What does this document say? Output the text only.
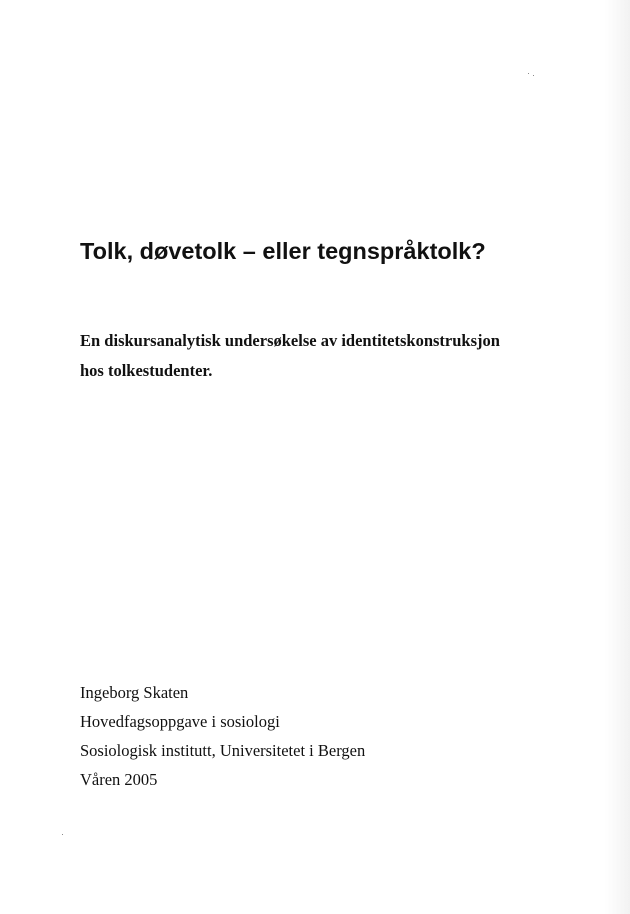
Tolk, døvetolk – eller tegnspråktolk?
En diskursanalytisk undersøkelse av identitetskonstruksjon
hos tolkestudenter.
Ingeborg Skaten
Hovedfagsoppgave i sosiologi
Sosiologisk institutt, Universitetet i Bergen
Våren 2005
